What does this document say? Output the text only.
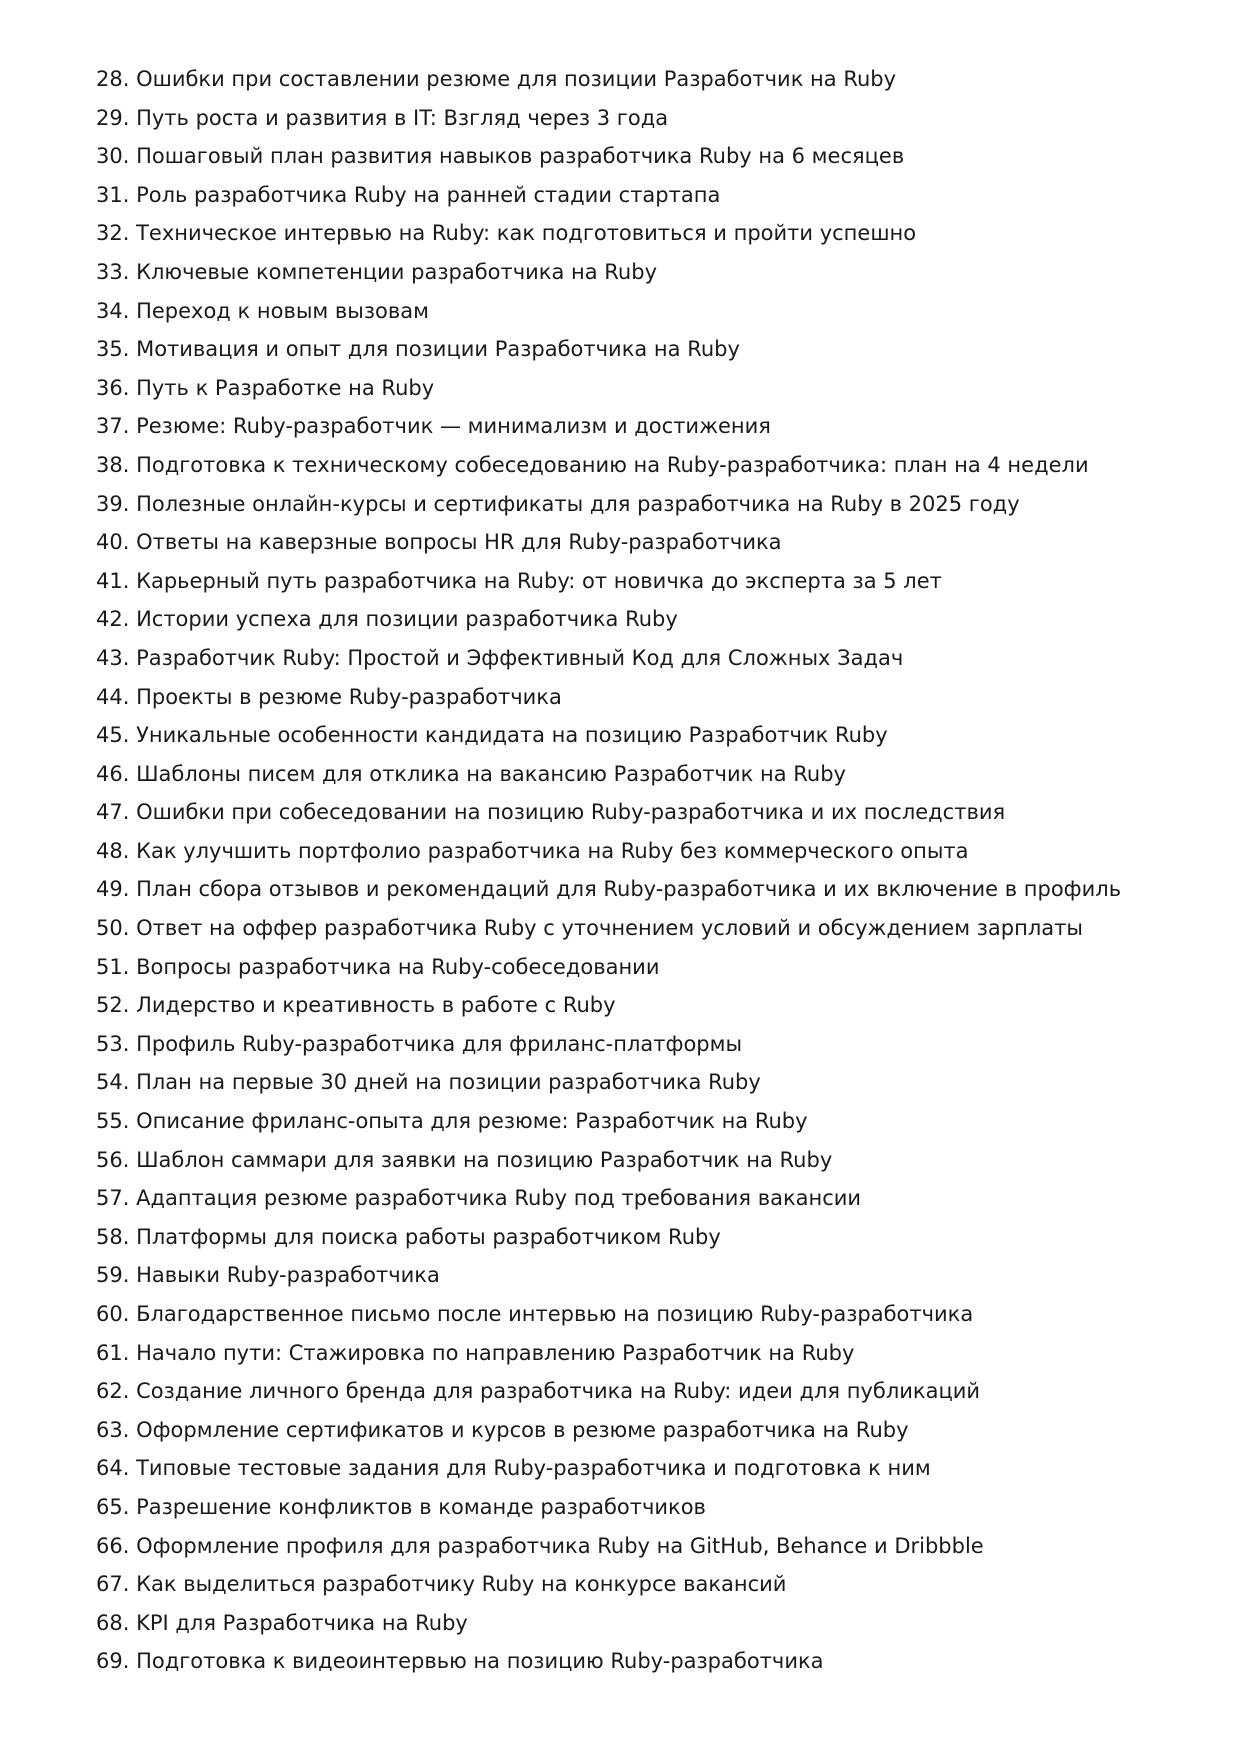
28. Ошибки при составлении резюме для позиции Разработчик на Ruby
29. Путь роста и развития в IT: Взгляд через 3 года
30. Пошаговый план развития навыков разработчика Ruby на 6 месяцев
31. Роль разработчика Ruby на ранней стадии стартапа
32. Техническое интервью на Ruby: как подготовиться и пройти успешно
33. Ключевые компетенции разработчика на Ruby
34. Переход к новым вызовам
35. Мотивация и опыт для позиции Разработчика на Ruby
36. Путь к Разработке на Ruby
37. Резюме: Ruby-разработчик — минимализм и достижения
38. Подготовка к техническому собеседованию на Ruby-разработчика: план на 4 недели
39. Полезные онлайн-курсы и сертификаты для разработчика на Ruby в 2025 году
40. Ответы на каверзные вопросы HR для Ruby-разработчика
41. Карьерный путь разработчика на Ruby: от новичка до эксперта за 5 лет
42. Истории успеха для позиции разработчика Ruby
43. Разработчик Ruby: Простой и Эффективный Код для Сложных Задач
44. Проекты в резюме Ruby-разработчика
45. Уникальные особенности кандидата на позицию Разработчик Ruby
46. Шаблоны писем для отклика на вакансию Разработчик на Ruby
47. Ошибки при собеседовании на позицию Ruby-разработчика и их последствия
48. Как улучшить портфолио разработчика на Ruby без коммерческого опыта
49. План сбора отзывов и рекомендаций для Ruby-разработчика и их включение в профиль
50. Ответ на оффер разработчика Ruby с уточнением условий и обсуждением зарплаты
51. Вопросы разработчика на Ruby-собеседовании
52. Лидерство и креативность в работе с Ruby
53. Профиль Ruby-разработчика для фриланс-платформы
54. План на первые 30 дней на позиции разработчика Ruby
55. Описание фриланс-опыта для резюме: Разработчик на Ruby
56. Шаблон саммари для заявки на позицию Разработчик на Ruby
57. Адаптация резюме разработчика Ruby под требования вакансии
58. Платформы для поиска работы разработчиком Ruby
59. Навыки Ruby-разработчика
60. Благодарственное письмо после интервью на позицию Ruby-разработчика
61. Начало пути: Стажировка по направлению Разработчик на Ruby
62. Создание личного бренда для разработчика на Ruby: идеи для публикаций
63. Оформление сертификатов и курсов в резюме разработчика на Ruby
64. Типовые тестовые задания для Ruby-разработчика и подготовка к ним
65. Разрешение конфликтов в команде разработчиков
66. Оформление профиля для разработчика Ruby на GitHub, Behance и Dribbble
67. Как выделиться разработчику Ruby на конкурсе вакансий
68. KPI для Разработчика на Ruby
69. Подготовка к видеоинтервью на позицию Ruby-разработчика
